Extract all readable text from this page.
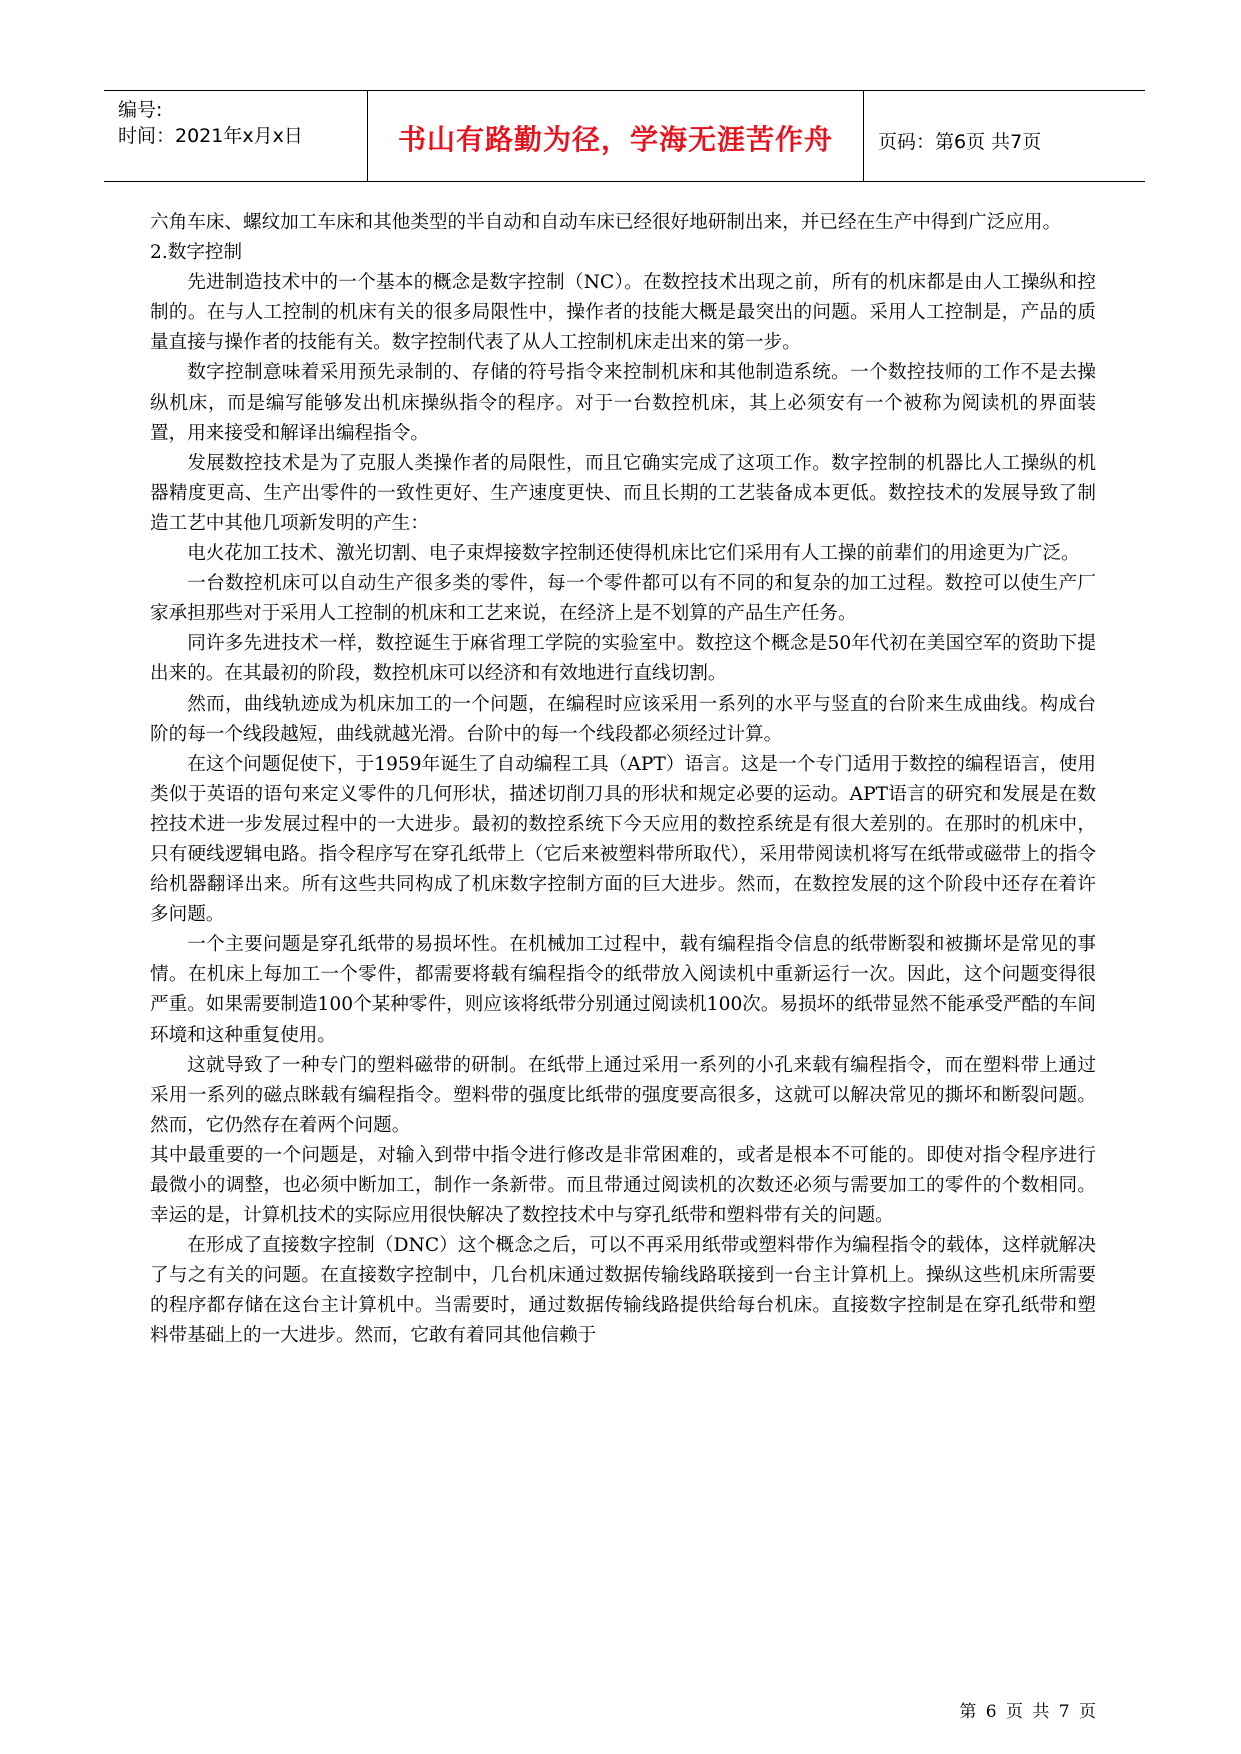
编号:
时间：2021年x月x日	书山有路勤为径，学海无涯苦作舟	页码：第6页 共7页

六角车床、螺纹加工车床和其他类型的半自动和自动车床已经很好地研制出来，并已经在生产中得到广泛应用。

2.数字控制

先进制造技术中的一个基本的概念是数字控制（NC）。在数控技术出现之前，所有的机床都是由人工操纵和控制的。在与人工控制的机床有关的很多局限性中，操作者的技能大概是最突出的问题。采用人工控制是，产品的质量直接与操作者的技能有关。数字控制代表了从人工控制机床走出来的第一步。

数字控制意味着采用预先录制的、存储的符号指令来控制机床和其他制造系统。一个数控技师的工作不是去操纵机床，而是编写能够发出机床操纵指令的程序。对于一台数控机床，其上必须安有一个被称为阅读机的界面装置，用来接受和解译出编程指令。

发展数控技术是为了克服人类操作者的局限性，而且它确实完成了这项工作。数字控制的机器比人工操纵的机器精度更高、生产出零件的一致性更好、生产速度更快、而且长期的工艺装备成本更低。数控技术的发展导致了制造工艺中其他几项新发明的产生：

电火花加工技术、激光切割、电子束焊接数字控制还使得机床比它们采用有人工操的前辈们的用途更为广泛。

一台数控机床可以自动生产很多类的零件，每一个零件都可以有不同的和复杂的加工过程。数控可以使生产厂家承担那些对于采用人工控制的机床和工艺来说，在经济上是不划算的产品生产任务。

同许多先进技术一样，数控诞生于麻省理工学院的实验室中。数控这个概念是50年代初在美国空军的资助下提出来的。在其最初的阶段，数控机床可以经济和有效地进行直线切割。

然而，曲线轨迹成为机床加工的一个问题，在编程时应该采用一系列的水平与竖直的台阶来生成曲线。构成台阶的每一个线段越短，曲线就越光滑。台阶中的每一个线段都必须经过计算。

在这个问题促使下，于1959年诞生了自动编程工具（APT）语言。这是一个专门适用于数控的编程语言，使用类似于英语的语句来定义零件的几何形状，描述切削刀具的形状和规定必要的运动。APT语言的研究和发展是在数控技术进一步发展过程中的一大进步。最初的数控系统下今天应用的数控系统是有很大差别的。在那时的机床中，只有硬线逻辑电路。指令程序写在穿孔纸带上（它后来被塑料带所取代），采用带阅读机将写在纸带或磁带上的指令给机器翻译出来。所有这些共同构成了机床数字控制方面的巨大进步。然而，在数控发展的这个阶段中还存在着许多问题。

一个主要问题是穿孔纸带的易损坏性。在机械加工过程中，载有编程指令信息的纸带断裂和被撕坏是常见的事情。在机床上每加工一个零件，都需要将载有编程指令的纸带放入阅读机中重新运行一次。因此，这个问题变得很严重。如果需要制造100个某种零件，则应该将纸带分别通过阅读机100次。易损坏的纸带显然不能承受严酷的车间环境和这种重复使用。

这就导致了一种专门的塑料磁带的研制。在纸带上通过采用一系列的小孔来载有编程指令，而在塑料带上通过采用一系列的磁点眯载有编程指令。塑料带的强度比纸带的强度要高很多，这就可以解决常见的撕坏和断裂问题。然而，它仍然存在着两个问题。

其中最重要的一个问题是，对输入到带中指令进行修改是非常困难的，或者是根本不可能的。即使对指令程序进行最微小的调整，也必须中断加工，制作一条新带。而且带通过阅读机的次数还必须与需要加工的零件的个数相同。幸运的是，计算机技术的实际应用很快解决了数控技术中与穿孔纸带和塑料带有关的问题。

在形成了直接数字控制（DNC）这个概念之后，可以不再采用纸带或塑料带作为编程指令的载体，这样就解决了与之有关的问题。在直接数字控制中，几台机床通过数据传输线路联接到一台主计算机上。操纵这些机床所需要的程序都存储在这台主计算机中。当需要时，通过数据传输线路提供给每台机床。直接数字控制是在穿孔纸带和塑料带基础上的一大进步。然而，它敢有着同其他信赖于

第 6 页 共 7 页
